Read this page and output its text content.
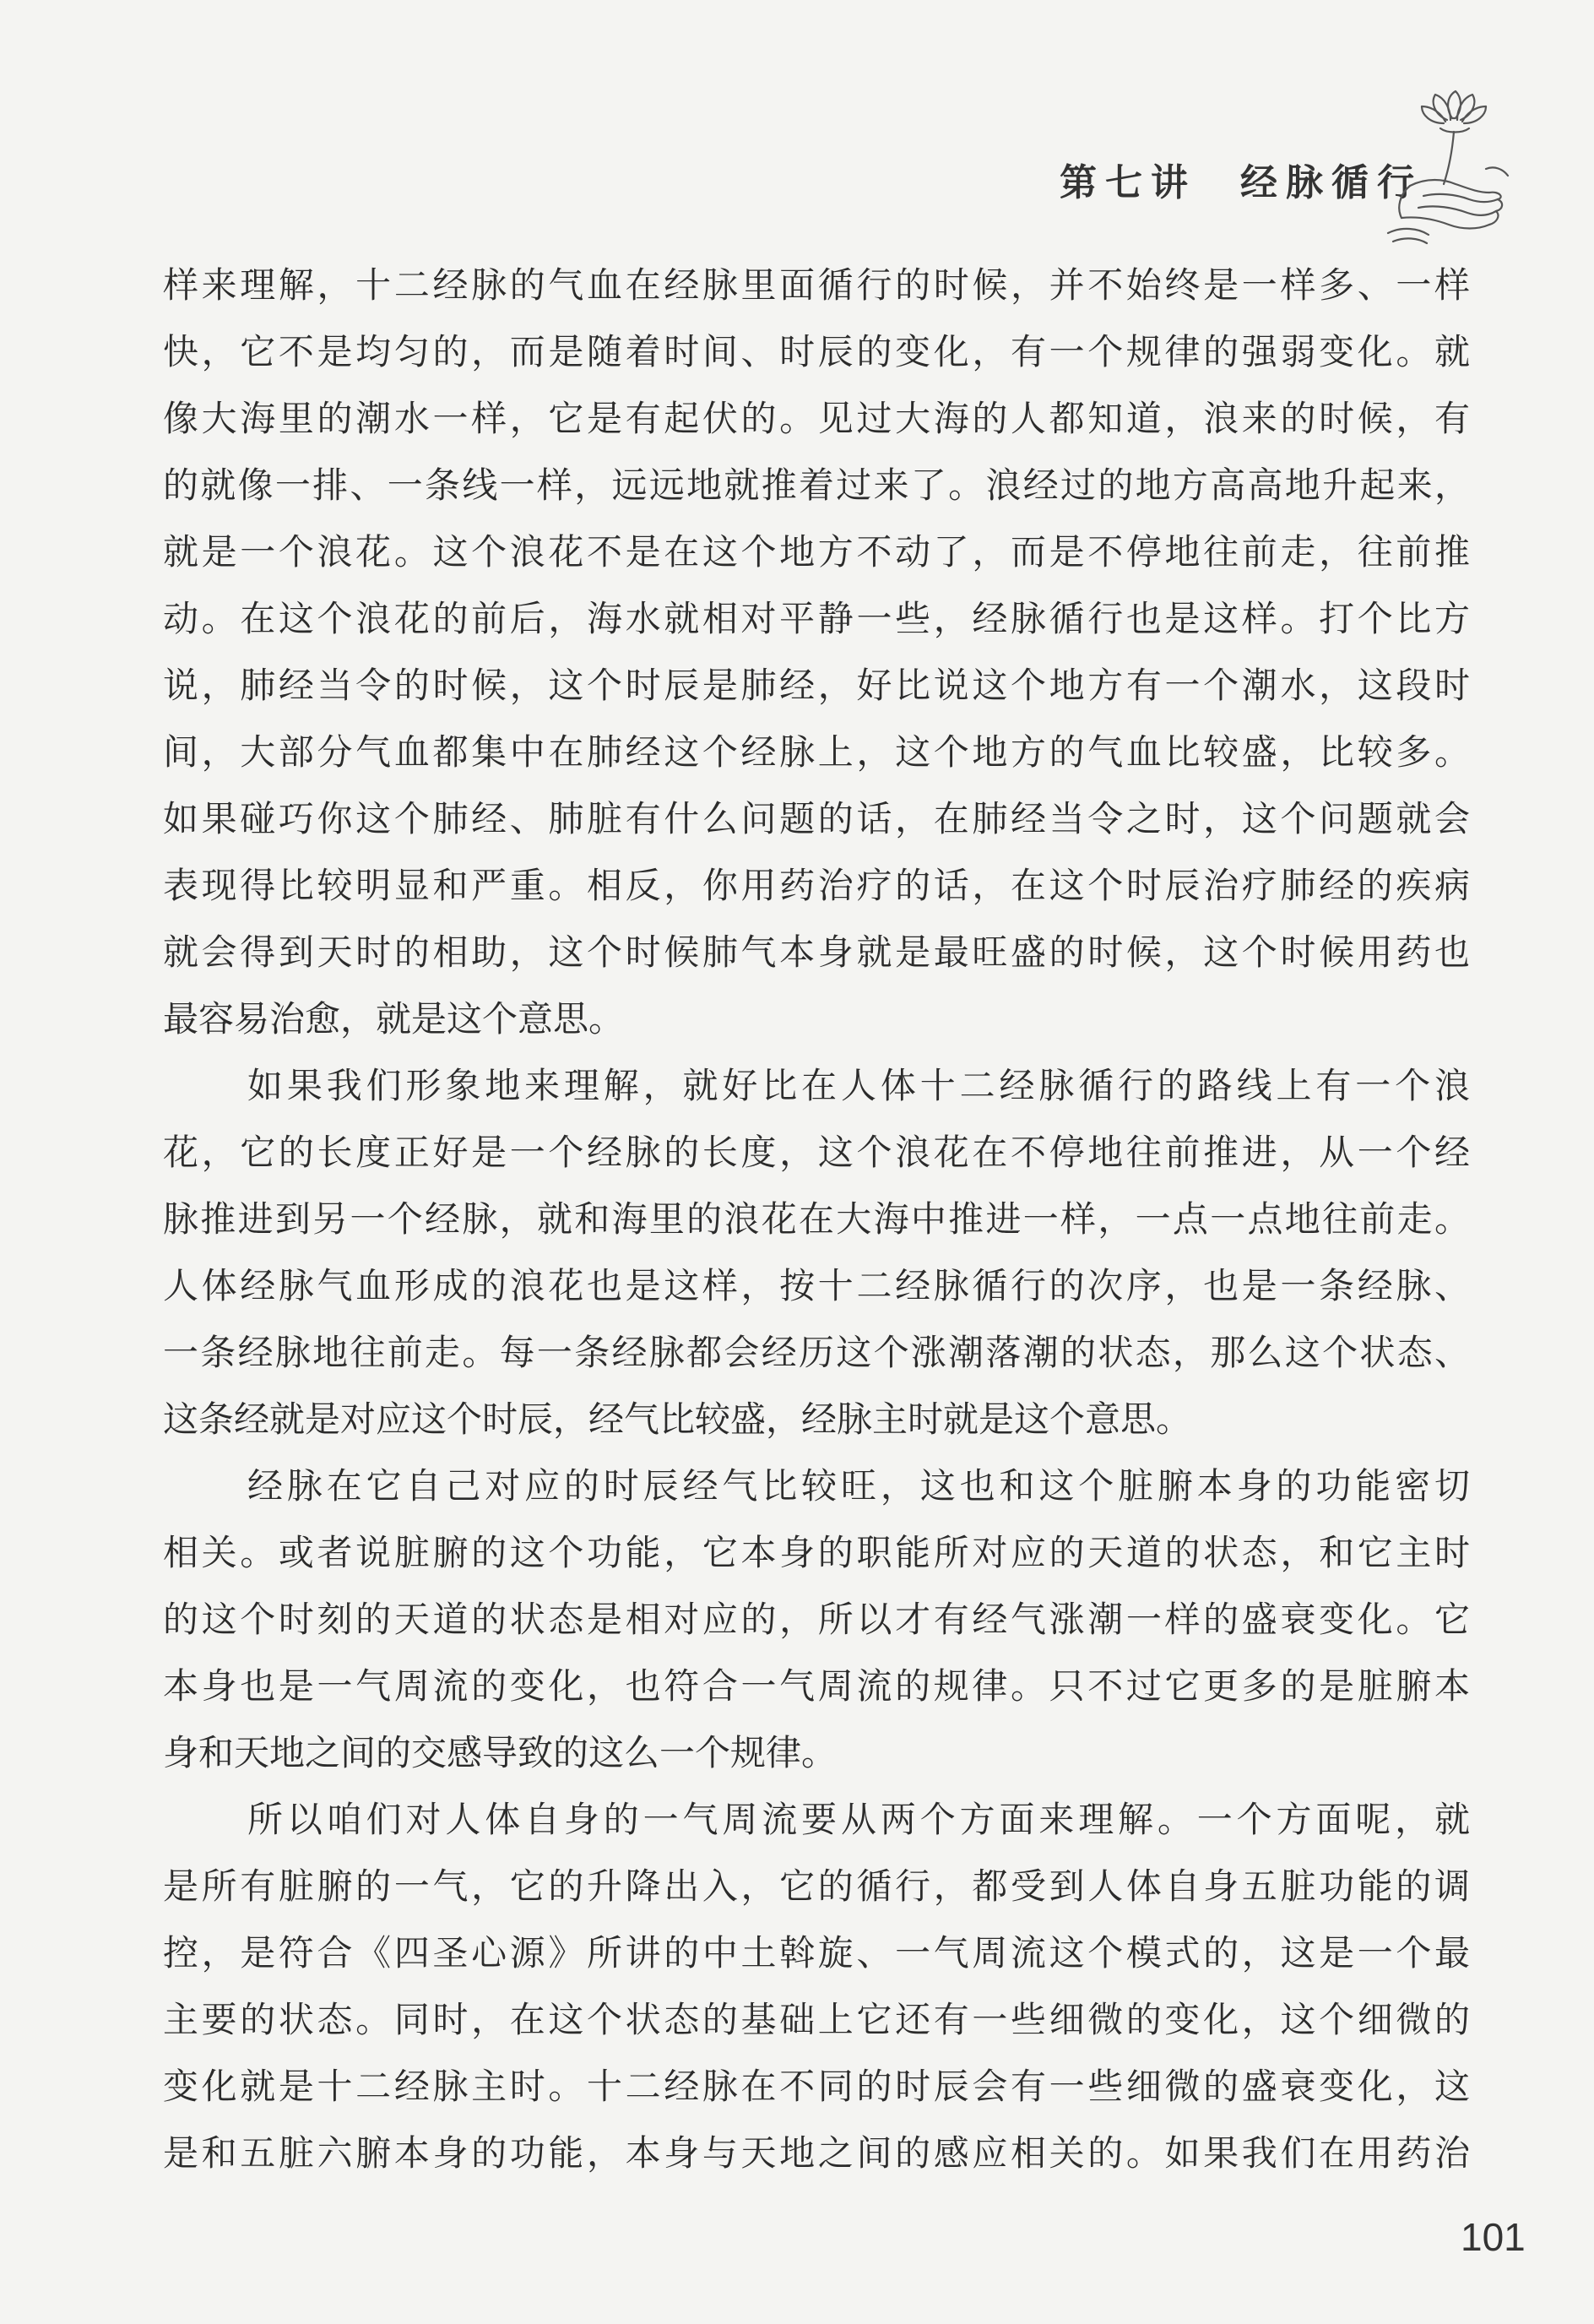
第七讲 经脉循行
样来理解，十二经脉的气血在经脉里面循行的时候，并不始终是一样多、一样
快，它不是均匀的，而是随着时间、时辰的变化，有一个规律的强弱变化。就
像大海里的潮水一样，它是有起伏的。见过大海的人都知道，浪来的时候，有
的就像一排、一条线一样，远远地就推着过来了。浪经过的地方高高地升起来，
就是一个浪花。这个浪花不是在这个地方不动了，而是不停地往前走，往前推
动。在这个浪花的前后，海水就相对平静一些，经脉循行也是这样。打个比方
说，肺经当令的时候，这个时辰是肺经，好比说这个地方有一个潮水，这段时
间，大部分气血都集中在肺经这个经脉上，这个地方的气血比较盛，比较多。
如果碰巧你这个肺经、肺脏有什么问题的话，在肺经当令之时，这个问题就会
表现得比较明显和严重。相反，你用药治疗的话，在这个时辰治疗肺经的疾病
就会得到天时的相助，这个时候肺气本身就是最旺盛的时候，这个时候用药也
最容易治愈，就是这个意思。
如果我们形象地来理解，就好比在人体十二经脉循行的路线上有一个浪
花，它的长度正好是一个经脉的长度，这个浪花在不停地往前推进，从一个经
脉推进到另一个经脉，就和海里的浪花在大海中推进一样，一点一点地往前走。
人体经脉气血形成的浪花也是这样，按十二经脉循行的次序，也是一条经脉、
一条经脉地往前走。每一条经脉都会经历这个涨潮落潮的状态，那么这个状态、
这条经就是对应这个时辰，经气比较盛，经脉主时就是这个意思。
经脉在它自己对应的时辰经气比较旺，这也和这个脏腑本身的功能密切
相关。或者说脏腑的这个功能，它本身的职能所对应的天道的状态，和它主时
的这个时刻的天道的状态是相对应的，所以才有经气涨潮一样的盛衰变化。它
本身也是一气周流的变化，也符合一气周流的规律。只不过它更多的是脏腑本
身和天地之间的交感导致的这么一个规律。
所以咱们对人体自身的一气周流要从两个方面来理解。一个方面呢，就
是所有脏腑的一气，它的升降出入，它的循行，都受到人体自身五脏功能的调
控，是符合《四圣心源》所讲的中土斡旋、一气周流这个模式的，这是一个最
主要的状态。同时，在这个状态的基础上它还有一些细微的变化，这个细微的
变化就是十二经脉主时。十二经脉在不同的时辰会有一些细微的盛衰变化，这
是和五脏六腑本身的功能，本身与天地之间的感应相关的。如果我们在用药治
101
